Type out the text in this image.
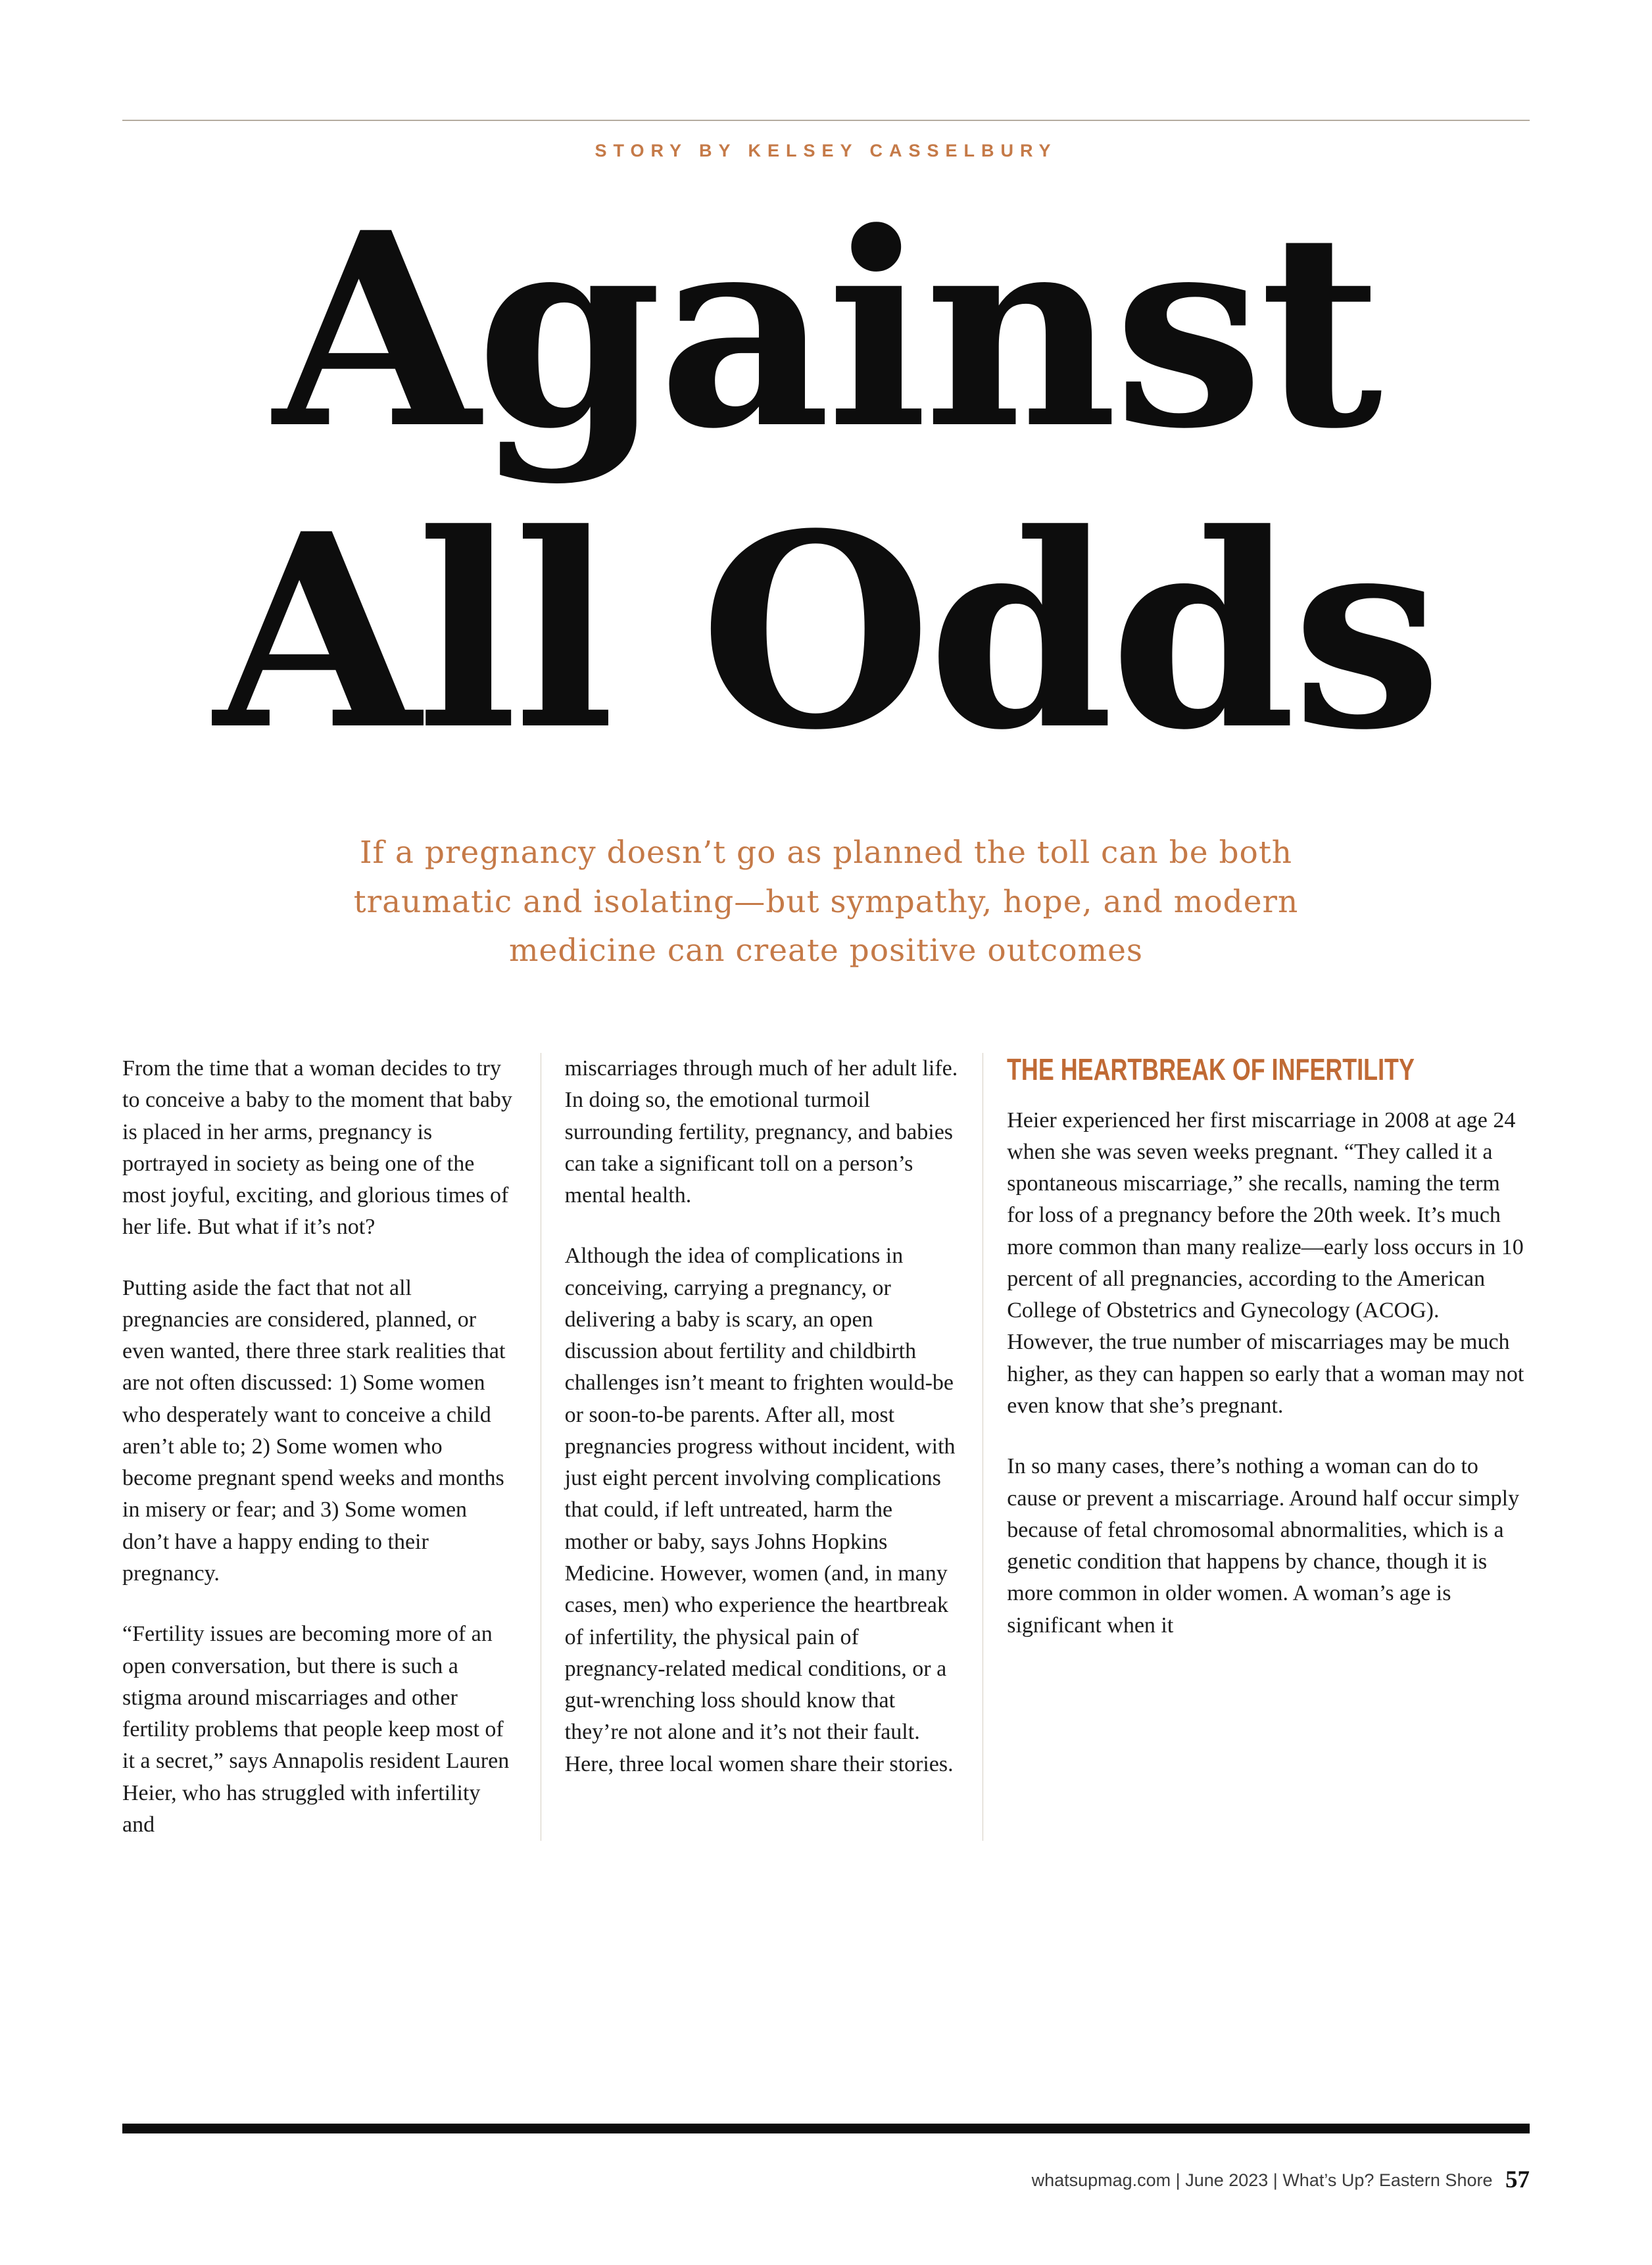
STORY BY KELSEY CASSELBURY
Against
All Odds

If a pregnancy doesn’t go as planned the toll can be both traumatic and isolating—but sympathy, hope, and modern medicine can create positive outcomes

From the time that a woman decides to try to conceive a baby to the moment that baby is placed in her arms, pregnancy is portrayed in society as being one of the most joyful, exciting, and glorious times of her life. But what if it’s not?

Putting aside the fact that not all pregnancies are considered, planned, or even wanted, there three stark realities that are not often discussed: 1) Some women who desperately want to conceive a child aren’t able to; 2) Some women who become pregnant spend weeks and months in misery or fear; and 3) Some women don’t have a happy ending to their pregnancy.

“Fertility issues are becoming more of an open conversation, but there is such a stigma around miscarriages and other fertility problems that people keep most of it a secret,” says Annapolis resident Lauren Heier, who has struggled with infertility and

miscarriages through much of her adult life. In doing so, the emotional turmoil surrounding fertility, pregnancy, and babies can take a significant toll on a person’s mental health.

Although the idea of complications in conceiving, carrying a pregnancy, or delivering a baby is scary, an open discussion about fertility and childbirth challenges isn’t meant to frighten would-be or soon-to-be parents. After all, most pregnancies progress without incident, with just eight percent involving complications that could, if left untreated, harm the mother or baby, says Johns Hopkins Medicine. However, women (and, in many cases, men) who experience the heartbreak of infertility, the physical pain of pregnancy-related medical conditions, or a gut-wrenching loss should know that they’re not alone and it’s not their fault. Here, three local women share their stories.

THE HEARTBREAK OF INFERTILITY

Heier experienced her first miscarriage in 2008 at age 24 when she was seven weeks pregnant. “They called it a spontaneous miscarriage,” she recalls, naming the term for loss of a pregnancy before the 20th week. It’s much more common than many realize—early loss occurs in 10 percent of all pregnancies, according to the American College of Obstetrics and Gynecology (ACOG). However, the true number of miscarriages may be much higher, as they can happen so early that a woman may not even know that she’s pregnant.

In so many cases, there’s nothing a woman can do to cause or prevent a miscarriage. Around half occur simply because of fetal chromosomal abnormalities, which is a genetic condition that happens by chance, though it is more common in older women. A woman’s age is significant when it

whatsupmag.com | June 2023 | What’s Up? Eastern Shore 57
